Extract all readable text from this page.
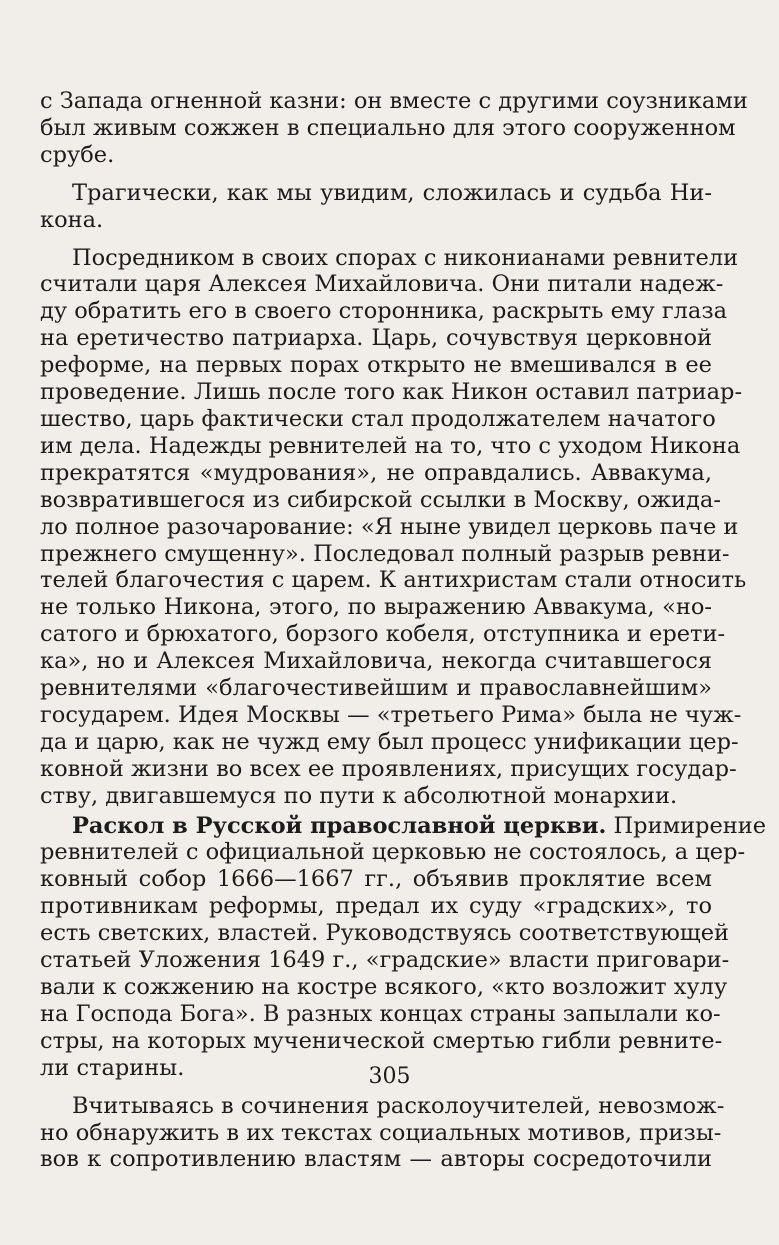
с Запада огненной казни: он вместе с другими соузниками
был живым сожжен в специально для этого сооруженном
срубе.
Трагически, как мы увидим, сложилась и судьба Ни-
кона.
Посредником в своих спорах с никонианами ревнители
считали царя Алексея Михайловича. Они питали надеж-
ду обратить его в своего сторонника, раскрыть ему глаза
на еретичество патриарха. Царь, сочувствуя церковной
реформе, на первых порах открыто не вмешивался в ее
проведение. Лишь после того как Никон оставил патриар-
шество, царь фактически стал продолжателем начатого
им дела. Надежды ревнителей на то, что с уходом Никона
прекратятся «мудрования», не оправдались. Аввакума,
возвратившегося из сибирской ссылки в Москву, ожида-
ло полное разочарование: «Я ныне увидел церковь паче и
прежнего смущенну». Последовал полный разрыв ревни-
телей благочестия с царем. К антихристам стали относить
не только Никона, этого, по выражению Аввакума, «но-
сатого и брюхатого, борзого кобеля, отступника и ерети-
ка», но и Алексея Михайловича, некогда считавшегося
ревнителями «благочестивейшим и православнейшим»
государем. Идея Москвы — «третьего Рима» была не чуж-
да и царю, как не чужд ему был процесс унификации цер-
ковной жизни во всех ее проявлениях, присущих государ-
ству, двигавшемуся по пути к абсолютной монархии.
Раскол в Русской православной церкви. Примирение
ревнителей с официальной церковью не состоялось, а цер-
ковный собор 1666—1667 гг., объявив проклятие всем
противникам реформы, предал их суду «градских», то
есть светских, властей. Руководствуясь соответствующей
статьей Уложения 1649 г., «градские» власти приговари-
вали к сожжению на костре всякого, «кто возложит хулу
на Господа Бога». В разных концах страны запылали ко-
стры, на которых мученической смертью гибли ревните-
ли старины.
Вчитываясь в сочинения расколоучителей, невозмож-
но обнаружить в их текстах социальных мотивов, призы-
вов к сопротивлению властям — авторы сосредоточили
305
